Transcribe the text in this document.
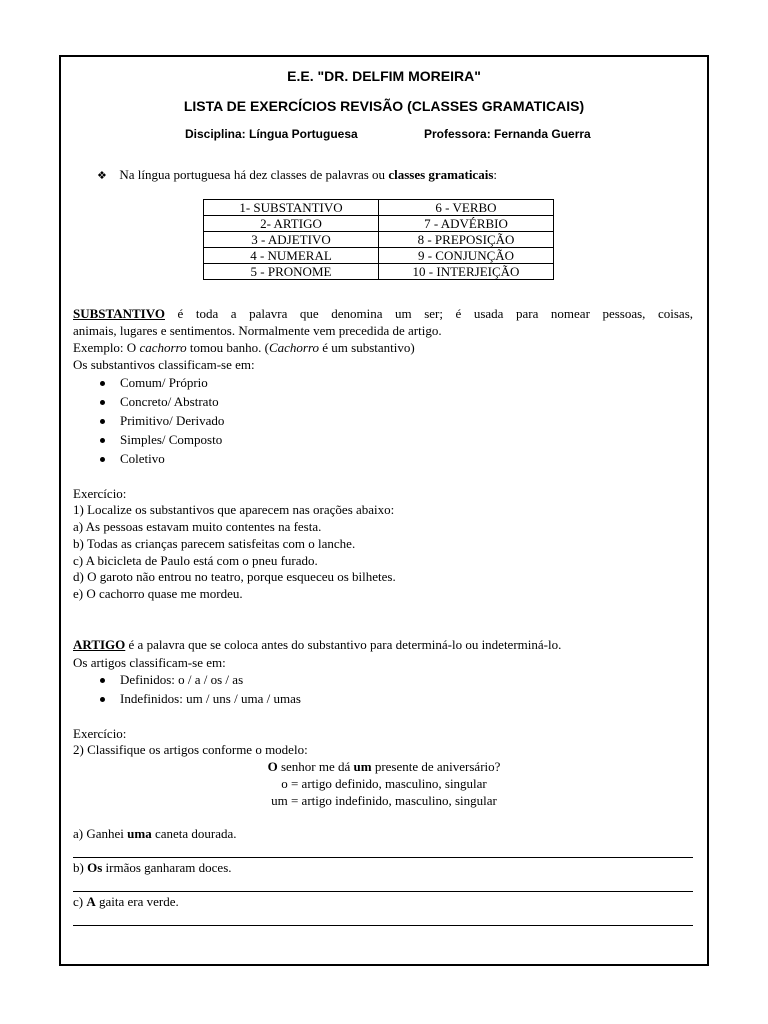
E.E. "DR. DELFIM MOREIRA"
LISTA DE EXERCÍCIOS REVISÃO (CLASSES GRAMATICAIS)
Disciplina: Língua Portuguesa	Professora: Fernanda Guerra
❖ Na língua portuguesa há dez classes de palavras ou classes gramaticais:
1- SUBSTANTIVO	6 - VERBO
2- ARTIGO	7 - ADVÉRBIO
3 - ADJETIVO	8 - PREPOSIÇÃO
4 - NUMERAL	9 - CONJUNÇÃO
5 - PRONOME	10 - INTERJEIÇÃO
SUBSTANTIVO é toda a palavra que denomina um ser; é usada para nomear pessoas, coisas,
animais, lugares e sentimentos. Normalmente vem precedida de artigo.
Exemplo: O cachorro tomou banho. (Cachorro é um substantivo)
Os substantivos classificam-se em:
Comum/ Próprio
Concreto/ Abstrato
Primitivo/ Derivado
Simples/ Composto
Coletivo
Exercício:
1) Localize os substantivos que aparecem nas orações abaixo:
a) As pessoas estavam muito contentes na festa.
b) Todas as crianças parecem satisfeitas com o lanche.
c) A bicicleta de Paulo está com o pneu furado.
d) O garoto não entrou no teatro, porque esqueceu os bilhetes.
e) O cachorro quase me mordeu.
ARTIGO é a palavra que se coloca antes do substantivo para determiná-lo ou indeterminá-lo.
Os artigos classificam-se em:
Definidos: o / a / os / as
Indefinidos: um / uns / uma / umas
Exercício:
2) Classifique os artigos conforme o modelo:
O senhor me dá um presente de aniversário?
o = artigo definido, masculino, singular
um = artigo indefinido, masculino, singular
a) Ganhei uma caneta dourada.
b) Os irmãos ganharam doces.
c) A gaita era verde.
